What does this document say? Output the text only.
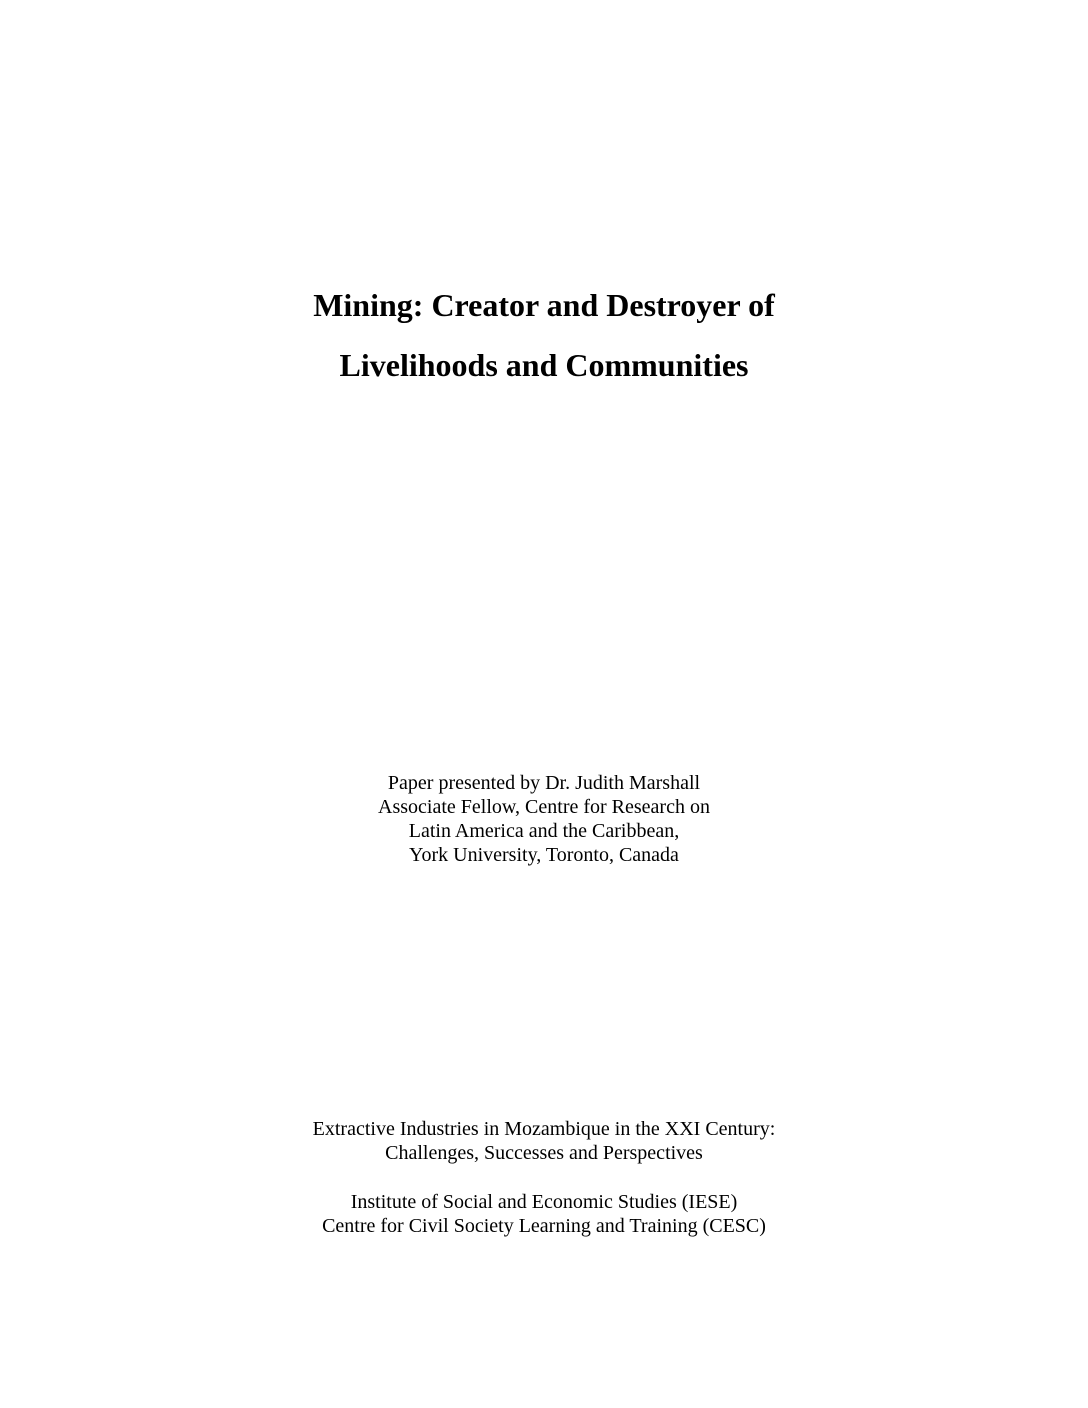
Mining: Creator and Destroyer of
Livelihoods and Communities
Paper presented by Dr. Judith Marshall
Associate Fellow, Centre for Research on
Latin America and the Caribbean,
York University, Toronto, Canada
Extractive Industries in Mozambique in the XXI Century:
Challenges, Successes and Perspectives
Institute of Social and Economic Studies (IESE)
Centre for Civil Society Learning and Training (CESC)
